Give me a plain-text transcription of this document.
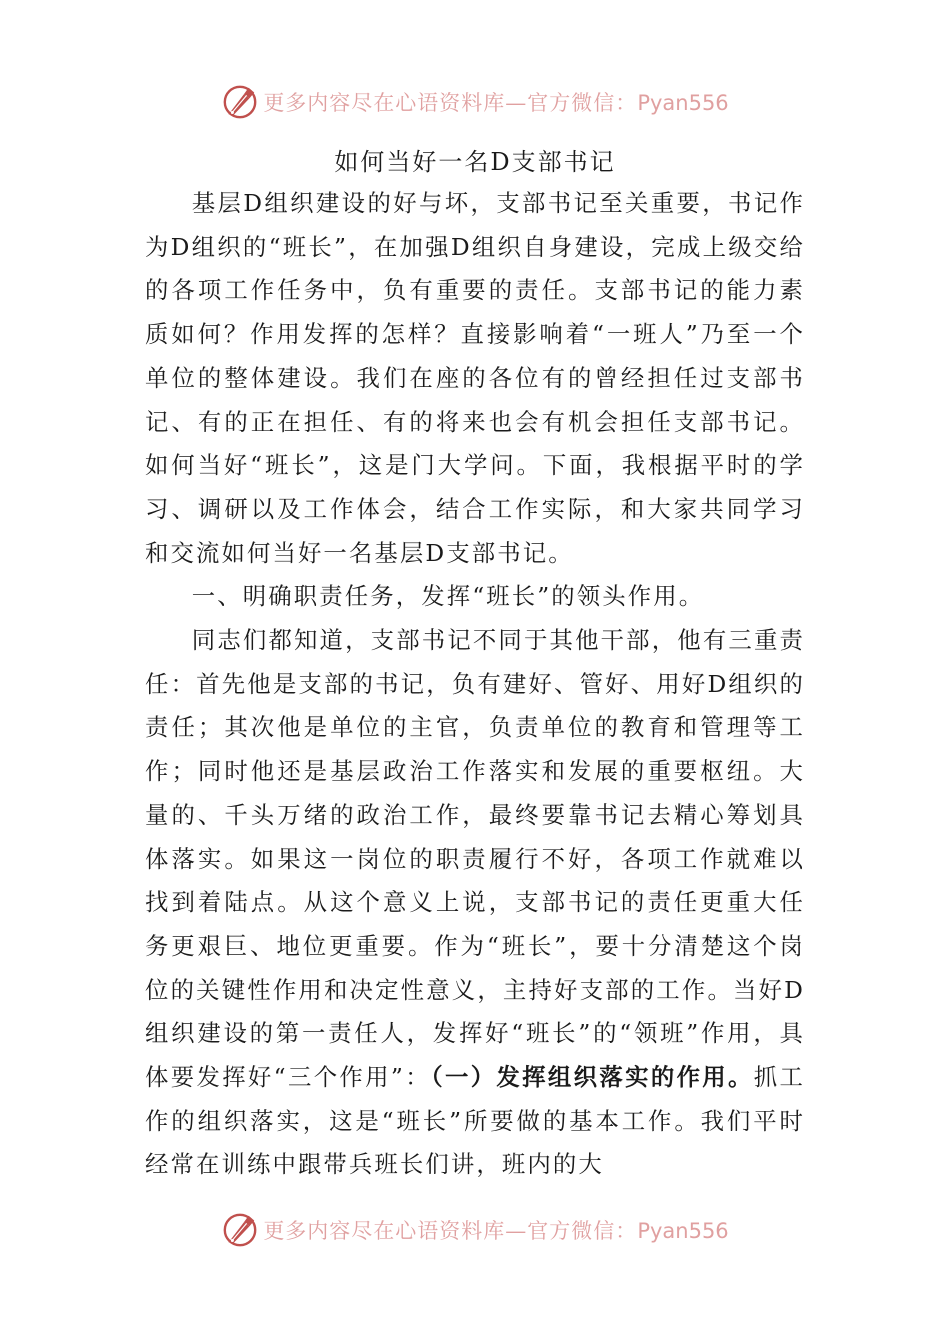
更多内容尽在心语资料库—官方微信：Pyan556
如何当好一名D支部书记

基层D组织建设的好与坏，支部书记至关重要，书记作为D组织的“班长”，在加强D组织自身建设，完成上级交给的各项工作任务中，负有重要的责任。支部书记的能力素质如何？作用发挥的怎样？直接影响着“一班人”乃至一个单位的整体建设。我们在座的各位有的曾经担任过支部书记、有的正在担任、有的将来也会有机会担任支部书记。如何当好“班长”，这是门大学问。下面，我根据平时的学习、调研以及工作体会，结合工作实际，和大家共同学习和交流如何当好一名基层D支部书记。

一、明确职责任务，发挥“班长”的领头作用。

同志们都知道，支部书记不同于其他干部，他有三重责任：首先他是支部的书记，负有建好、管好、用好D组织的责任；其次他是单位的主官，负责单位的教育和管理等工作；同时他还是基层政治工作落实和发展的重要枢纽。大量的、千头万绪的政治工作，最终要靠书记去精心筹划具体落实。如果这一岗位的职责履行不好，各项工作就难以找到着陆点。从这个意义上说，支部书记的责任更重大任务更艰巨、地位更重要。作为“班长”，要十分清楚这个岗位的关键性作用和决定性意义，主持好支部的工作。当好D组织建设的第一责任人，发挥好“班长”的“领班”作用，具体要发挥好“三个作用”：（一）发挥组织落实的作用。抓工作的组织落实，这是“班长”所要做的基本工作。我们平时经常在训练中跟带兵班长们讲，班内的大

更多内容尽在心语资料库—官方微信：Pyan556
